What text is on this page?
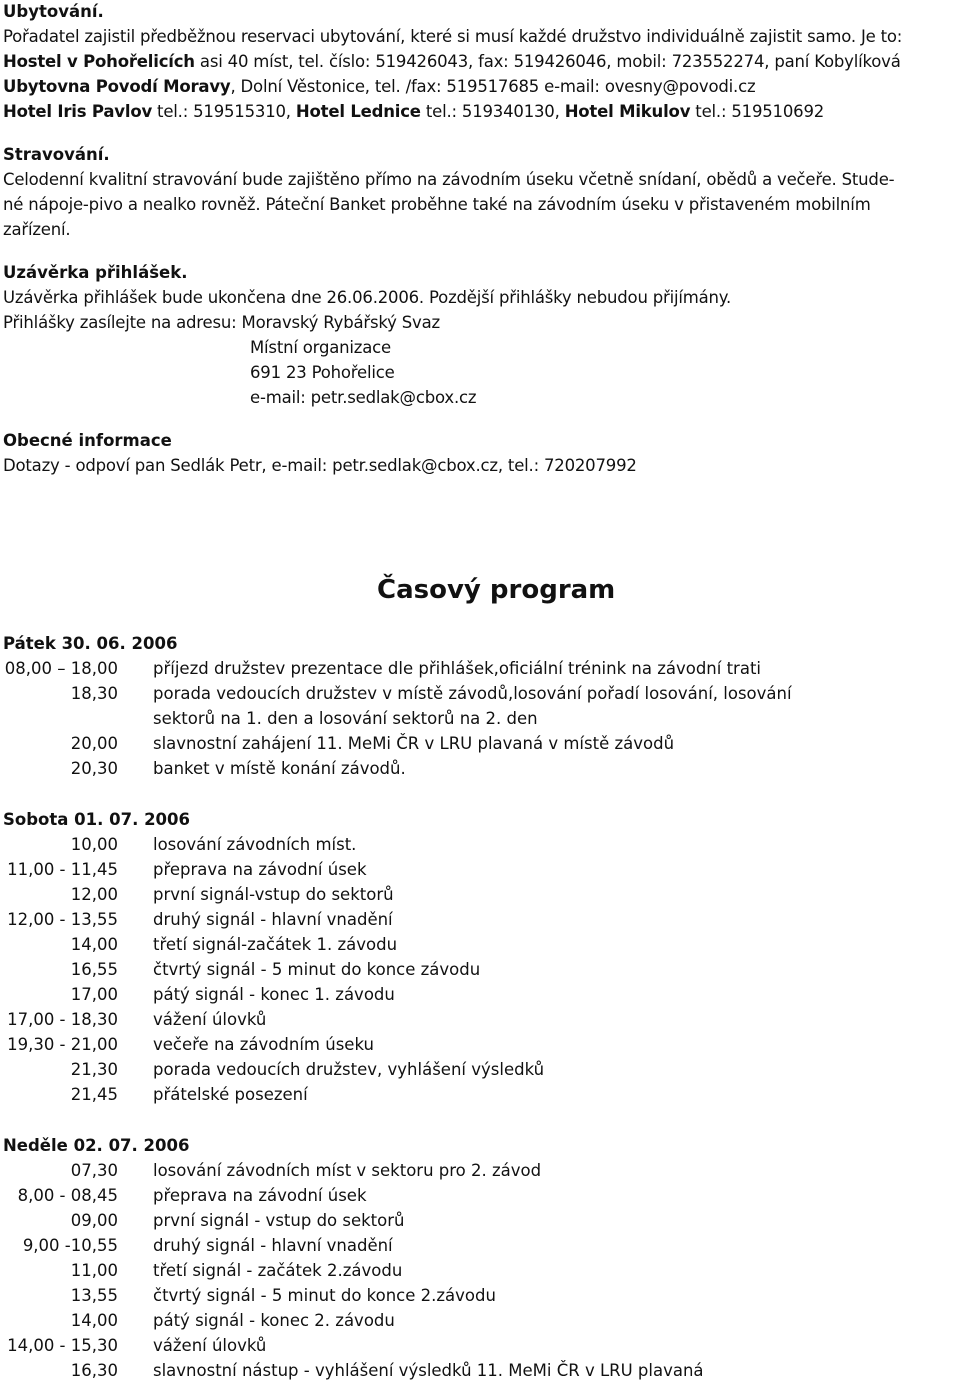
Ubytování.
Pořadatel zajistil předběžnou reservaci ubytování, které si musí každé družstvo individuálně zajistit samo. Je to:
Hostel v Pohořelicích asi 40 míst, tel. číslo: 519426043, fax: 519426046, mobil: 723552274, paní Kobylíková
Ubytovna Povodí Moravy, Dolní Věstonice, tel. /fax: 519517685 e-mail: ovesny@povodi.cz
Hotel Iris Pavlov tel.: 519515310, Hotel Lednice tel.: 519340130, Hotel Mikulov tel.: 519510692
Stravování.
Celodenní kvalitní stravování bude zajištěno přímo na závodním úseku včetně snídaní, obědů a večeře. Stude-
né nápoje-pivo a nealko rovněž. Páteční Banket proběhne také na závodním úseku v přistaveném mobilním
zařízení.
Uzávěrka přihlášek.
Uzávěrka přihlášek bude ukončena dne 26.06.2006. Pozdější přihlášky nebudou přijímány.
Přihlášky zasílejte na adresu: Moravský Rybářský Svaz
Místní organizace
691 23 Pohořelice
e-mail: petr.sedlak@cbox.cz
Obecné informace
Dotazy - odpoví pan Sedlák Petr, e-mail: petr.sedlak@cbox.cz, tel.: 720207992
Časový program
Pátek 30. 06. 2006
08,00 – 18,00 příjezd družstev prezentace dle přihlášek,oficiální trénink na závodní trati
18,30 porada vedoucích družstev v místě závodů,losování pořadí losování, losování sektorů na 1. den a losování sektorů na 2. den
20,00 slavnostní zahájení 11. MeMi ČR v LRU plavaná v místě závodů
20,30 banket v místě konání závodů.
Sobota 01. 07. 2006
10,00 losování závodních míst.
11,00 - 11,45 přeprava na závodní úsek
12,00 první signál-vstup do sektorů
12,00 - 13,55 druhý signál - hlavní vnadění
14,00 třetí signál-začátek 1. závodu
16,55 čtvrtý signál - 5 minut do konce závodu
17,00 pátý signál - konec 1. závodu
17,00 - 18,30 vážení úlovků
19,30 - 21,00 večeře na závodním úseku
21,30 porada vedoucích družstev, vyhlášení výsledků
21,45 přátelské posezení
Neděle 02. 07. 2006
07,30 losování závodních míst v sektoru pro 2. závod
8,00 - 08,45 přeprava na závodní úsek
09,00 první signál - vstup do sektorů
9,00 -10,55 druhý signál - hlavní vnadění
11,00 třetí signál - začátek 2.závodu
13,55 čtvrtý signál - 5 minut do konce 2.závodu
14,00 pátý signál - konec 2. závodu
14,00 - 15,30 vážení úlovků
16,30 slavnostní nástup - vyhlášení výsledků 11. MeMi ČR v LRU plavaná
